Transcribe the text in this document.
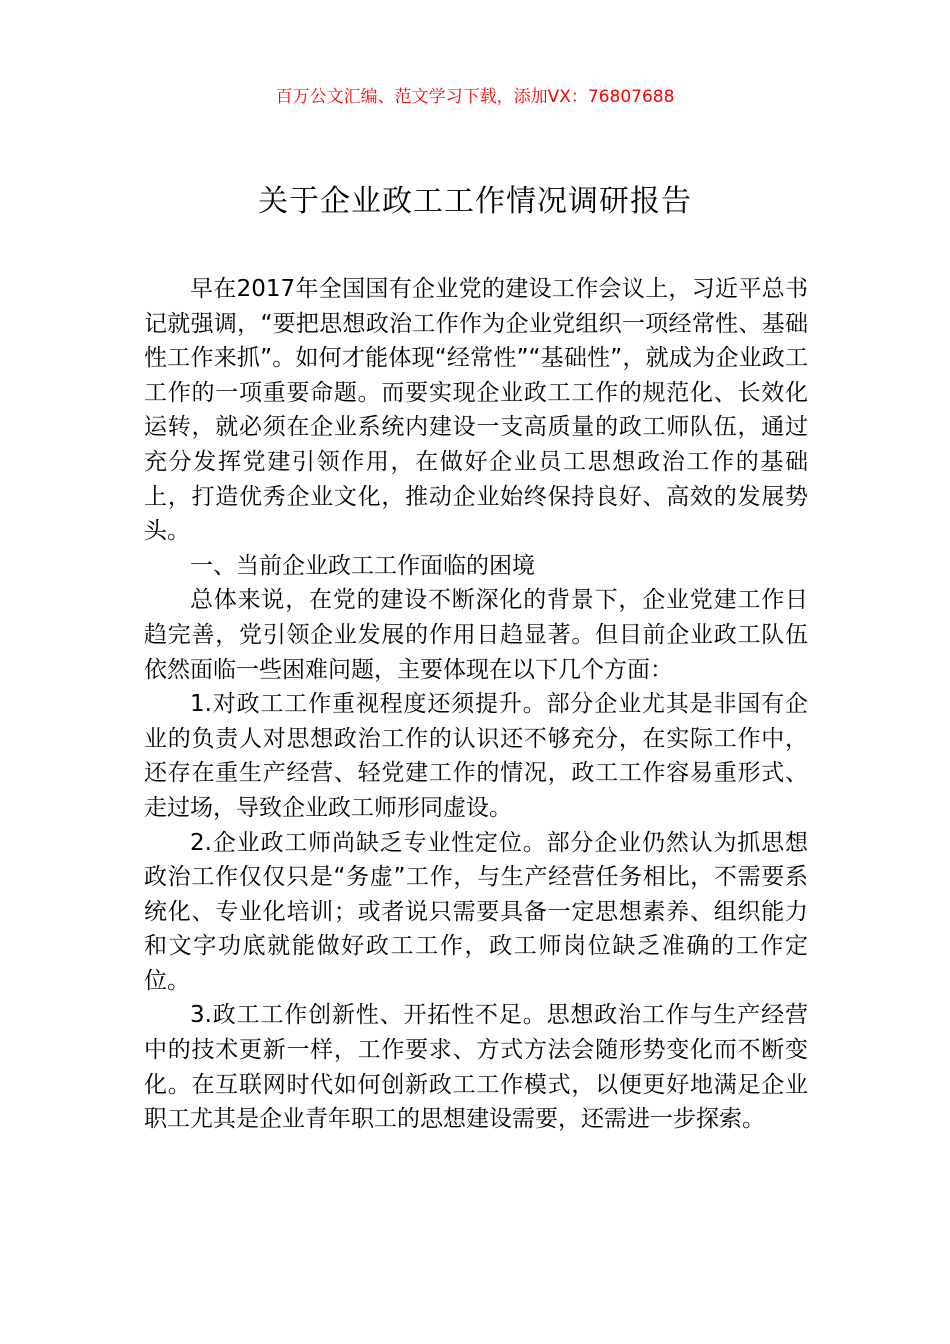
百万公文汇编、范文学习下载，添加VX：76807688
关于企业政工工作情况调研报告

早在2017年全国国有企业党的建设工作会议上，习近平总书记就强调，“要把思想政治工作作为企业党组织一项经常性、基础性工作来抓”。如何才能体现“经常性”“基础性”，就成为企业政工工作的一项重要命题。而要实现企业政工工作的规范化、长效化运转，就必须在企业系统内建设一支高质量的政工师队伍，通过充分发挥党建引领作用，在做好企业员工思想政治工作的基础上，打造优秀企业文化，推动企业始终保持良好、高效的发展势头。

一、当前企业政工工作面临的困境

总体来说，在党的建设不断深化的背景下，企业党建工作日趋完善，党引领企业发展的作用日趋显著。但目前企业政工队伍依然面临一些困难问题，主要体现在以下几个方面：

1.对政工工作重视程度还须提升。部分企业尤其是非国有企业的负责人对思想政治工作的认识还不够充分，在实际工作中，还存在重生产经营、轻党建工作的情况，政工工作容易重形式、走过场，导致企业政工师形同虚设。

2.企业政工师尚缺乏专业性定位。部分企业仍然认为抓思想政治工作仅仅只是“务虚”工作，与生产经营任务相比，不需要系统化、专业化培训；或者说只需要具备一定思想素养、组织能力和文字功底就能做好政工工作，政工师岗位缺乏准确的工作定位。

3.政工工作创新性、开拓性不足。思想政治工作与生产经营中的技术更新一样，工作要求、方式方法会随形势变化而不断变化。在互联网时代如何创新政工工作模式，以便更好地满足企业职工尤其是企业青年职工的思想建设需要，还需进一步探索。
